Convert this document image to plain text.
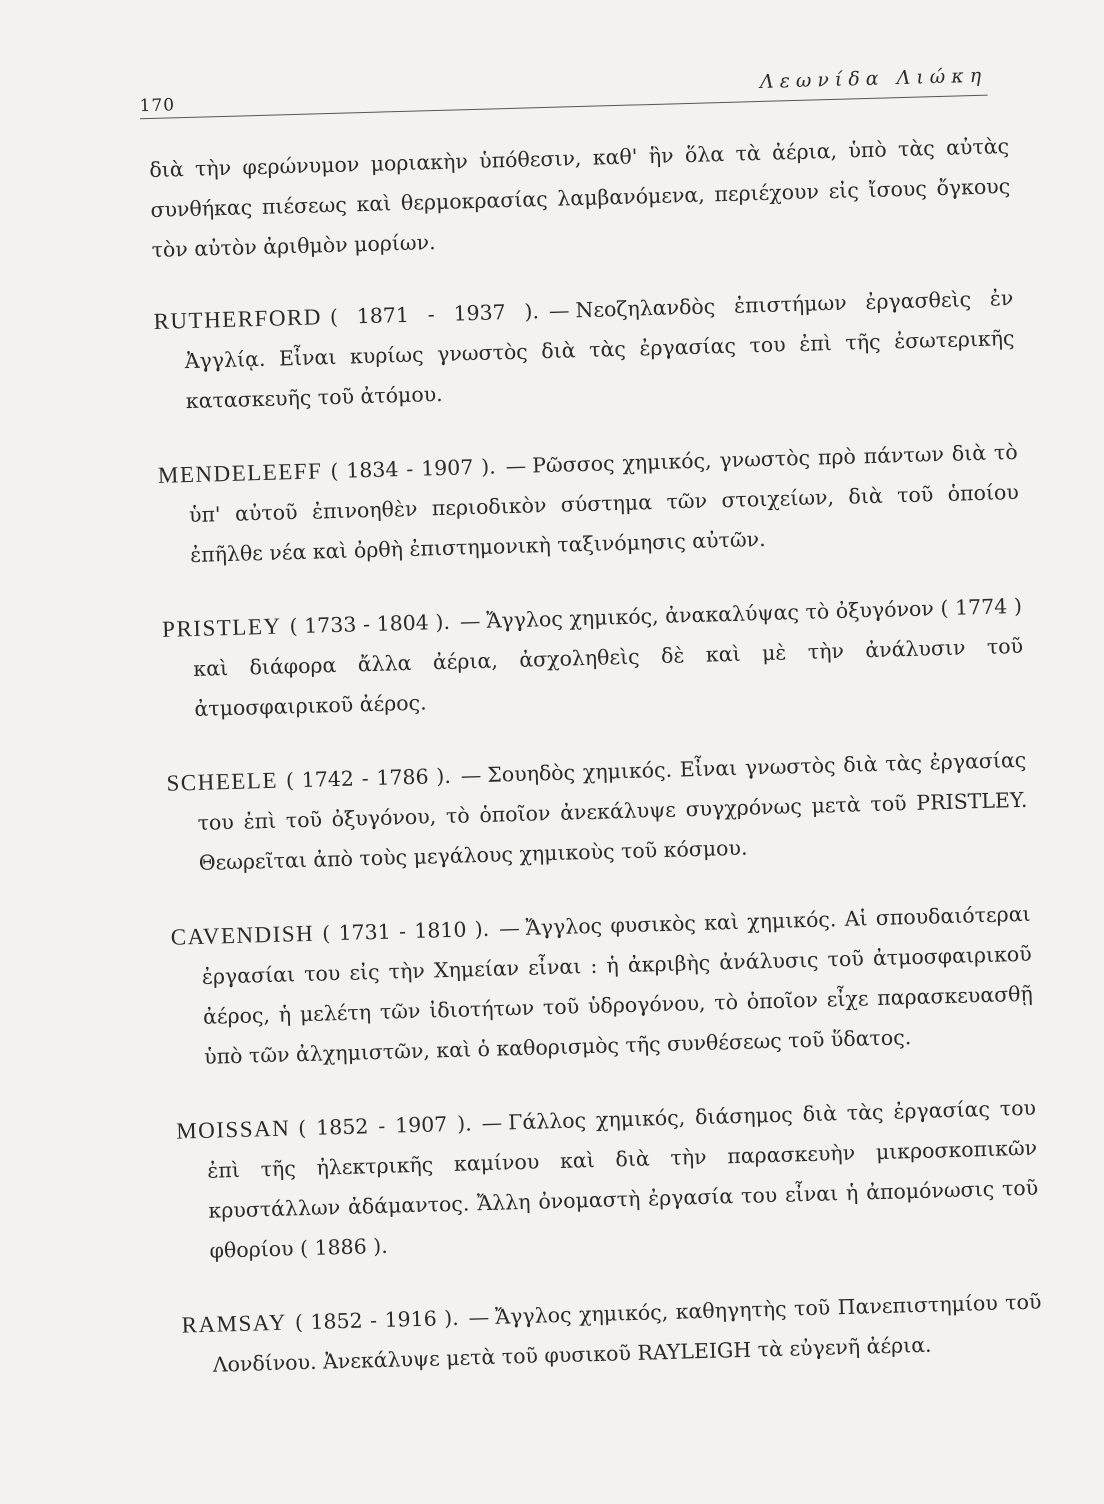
170
Λεωνίδα Λιώκη

διὰ τὴν φερώνυμον μοριακὴν ὑπόθεσιν, καθ' ἣν ὅλα τὰ ἀέρια, ὑπὸ τὰς αὐτὰς συνθήκας πιέσεως καὶ θερμοκρασίας λαμβανόμενα, περιέχουν εἰς ἴσους ὄγκους τὸν αὐτὸν ἀριθμὸν μορίων.

RUTHERFORD ( 1871 - 1937 ). — Νεοζηλανδὸς ἐπιστήμων ἐργασθεὶς ἐν Ἀγγλίᾳ. Εἶναι κυρίως γνωστὸς διὰ τὰς ἐργασίας του ἐπὶ τῆς ἐσωτερικῆς κατασκευῆς τοῦ ἀτόμου.

MENDELEEFF ( 1834 - 1907 ). — Ρῶσσος χημικός, γνωστὸς πρὸ πάντων διὰ τὸ ὑπ' αὐτοῦ ἐπινοηθὲν περιοδικὸν σύστημα τῶν στοιχείων, διὰ τοῦ ὁποίου ἐπῆλθε νέα καὶ ὀρθὴ ἐπιστημονικὴ ταξινόμησις αὐτῶν.

PRISTLEY ( 1733 - 1804 ). — Ἄγγλος χημικός, ἀνακαλύψας τὸ ὀξυγόνον ( 1774 ) καὶ διάφορα ἄλλα ἀέρια, ἀσχοληθεὶς δὲ καὶ μὲ τὴν ἀνάλυσιν τοῦ ἀτμοσφαιρικοῦ ἀέρος.

SCHEELE ( 1742 - 1786 ). — Σουηδὸς χημικός. Εἶναι γνωστὸς διὰ τὰς ἐργασίας του ἐπὶ τοῦ ὀξυγόνου, τὸ ὁποῖον ἀνεκάλυψε συγχρόνως μετὰ τοῦ PRISTLEY. Θεωρεῖται ἀπὸ τοὺς μεγάλους χημικοὺς τοῦ κόσμου.

CAVENDISH ( 1731 - 1810 ). — Ἄγγλος φυσικὸς καὶ χημικός. Αἱ σπουδαιότεραι ἐργασίαι του εἰς τὴν Χημείαν εἶναι : ἡ ἀκριβὴς ἀνάλυσις τοῦ ἀτμοσφαιρικοῦ ἀέρος, ἡ μελέτη τῶν ἰδιοτήτων τοῦ ὑδρογόνου, τὸ ὁποῖον εἶχε παρασκευασθῇ ὑπὸ τῶν ἀλχημιστῶν, καὶ ὁ καθορισμὸς τῆς συνθέσεως τοῦ ὕδατος.

MOISSAN ( 1852 - 1907 ). — Γάλλος χημικός, διάσημος διὰ τὰς ἐργασίας του ἐπὶ τῆς ἠλεκτρικῆς καμίνου καὶ διὰ τὴν παρασκευὴν μικροσκοπικῶν κρυστάλλων ἀδάμαντος. Ἄλλη ὀνομαστὴ ἐργασία του εἶναι ἡ ἀπομόνωσις τοῦ φθορίου ( 1886 ).

RAMSAY ( 1852 - 1916 ). — Ἄγγλος χημικός, καθηγητὴς τοῦ Πανεπιστημίου τοῦ Λονδίνου. Ἀνεκάλυψε μετὰ τοῦ φυσικοῦ RAYLEIGH τὰ εὐγενῆ ἀέρια.
